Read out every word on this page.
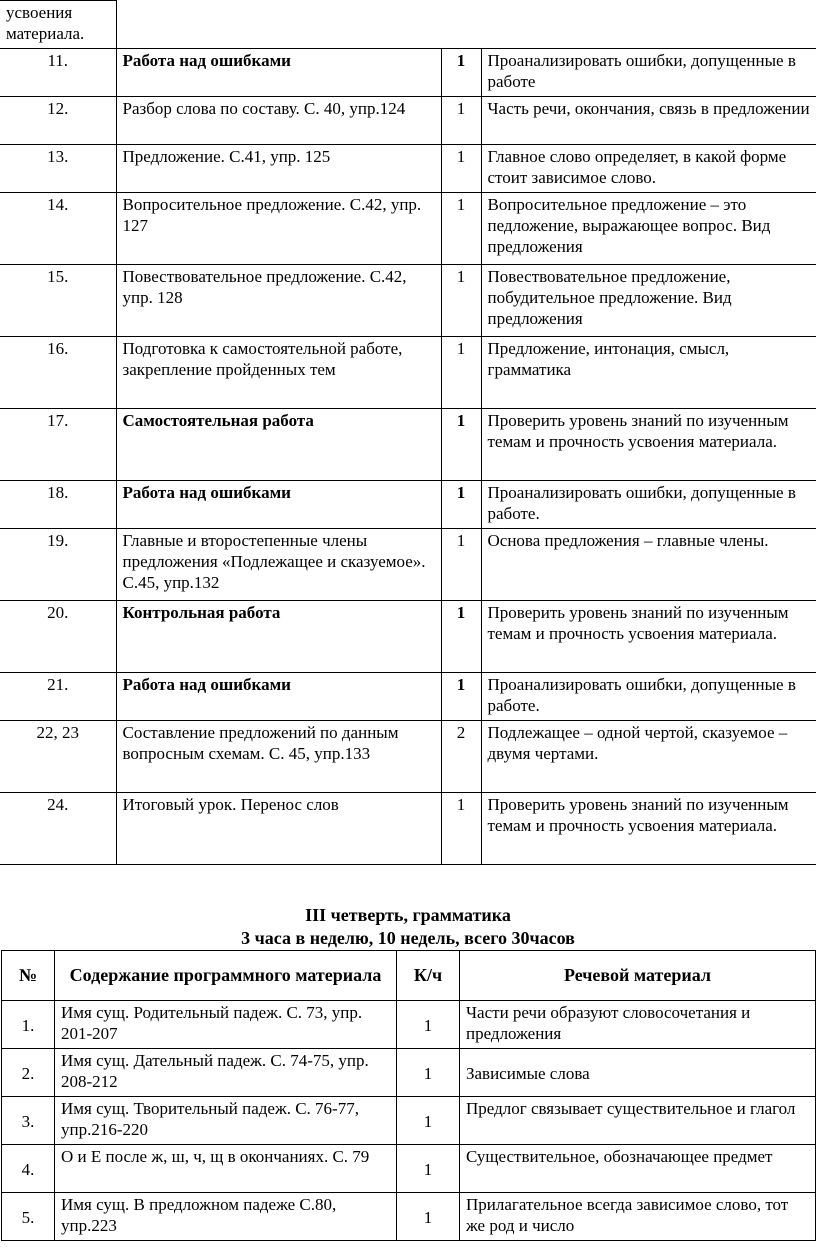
усвоения материала.			
11.	Работа над ошибками	1	Проанализировать ошибки, допущенные в работе
12.	Разбор слова по составу. С. 40, упр.124	1	Часть речи, окончания, связь в предложении
13.	Предложение. С.41, упр. 125	1	Главное слово определяет, в какой форме стоит зависимое слово.
14.	Вопросительное предложение. С.42, упр. 127	1	Вопросительное предложение – это педложение, выражающее вопрос. Вид предложения
15.	Повествовательное предложение. С.42, упр. 128	1	Повествовательное предложение, побудительное предложение. Вид предложения
16.	Подготовка к самостоятельной работе, закрепление пройденных тем	1	Предложение, интонация, смысл, грамматика
17.	Самостоятельная работа	1	Проверить уровень знаний по изученным темам и прочность усвоения материала.
18.	Работа над ошибками	1	Проанализировать ошибки, допущенные в работе.
19.	Главные и второстепенные члены предложения «Подлежащее и сказуемое». С.45, упр.132	1	Основа предложения – главные члены.
20.	Контрольная работа	1	Проверить уровень знаний по изученным темам и прочность усвоения материала.
21.	Работа над ошибками	1	Проанализировать ошибки, допущенные в работе.
22, 23	Составление предложений по данным вопросным схемам. С. 45, упр.133	2	Подлежащее – одной чертой, сказуемое – двумя чертами.
24.	Итоговый урок. Перенос слов	1	Проверить уровень знаний по изученным темам и прочность усвоения материала.
III четверть, грамматика
3 часа в неделю, 10 недель, всего 30часов
№	Содержание программного материала	К/ч	Речевой материал
1.	Имя сущ. Родительный падеж. С. 73, упр. 201-207	1	Части речи образуют словосочетания и предложения
2.	Имя сущ. Дательный падеж. С. 74-75, упр. 208-212	1	Зависимые слова
3.	Имя сущ. Творительный падеж. С. 76-77, упр.216-220	1	Предлог связывает существительное и глагол
4.	О и Е после ж, ш, ч, щ в окончаниях. С. 79	1	Существительное, обозначающее предмет
5.	Имя сущ. В предложном падеже С.80, упр.223	1	Прилагательное всегда зависимое слово, тот же род и число
